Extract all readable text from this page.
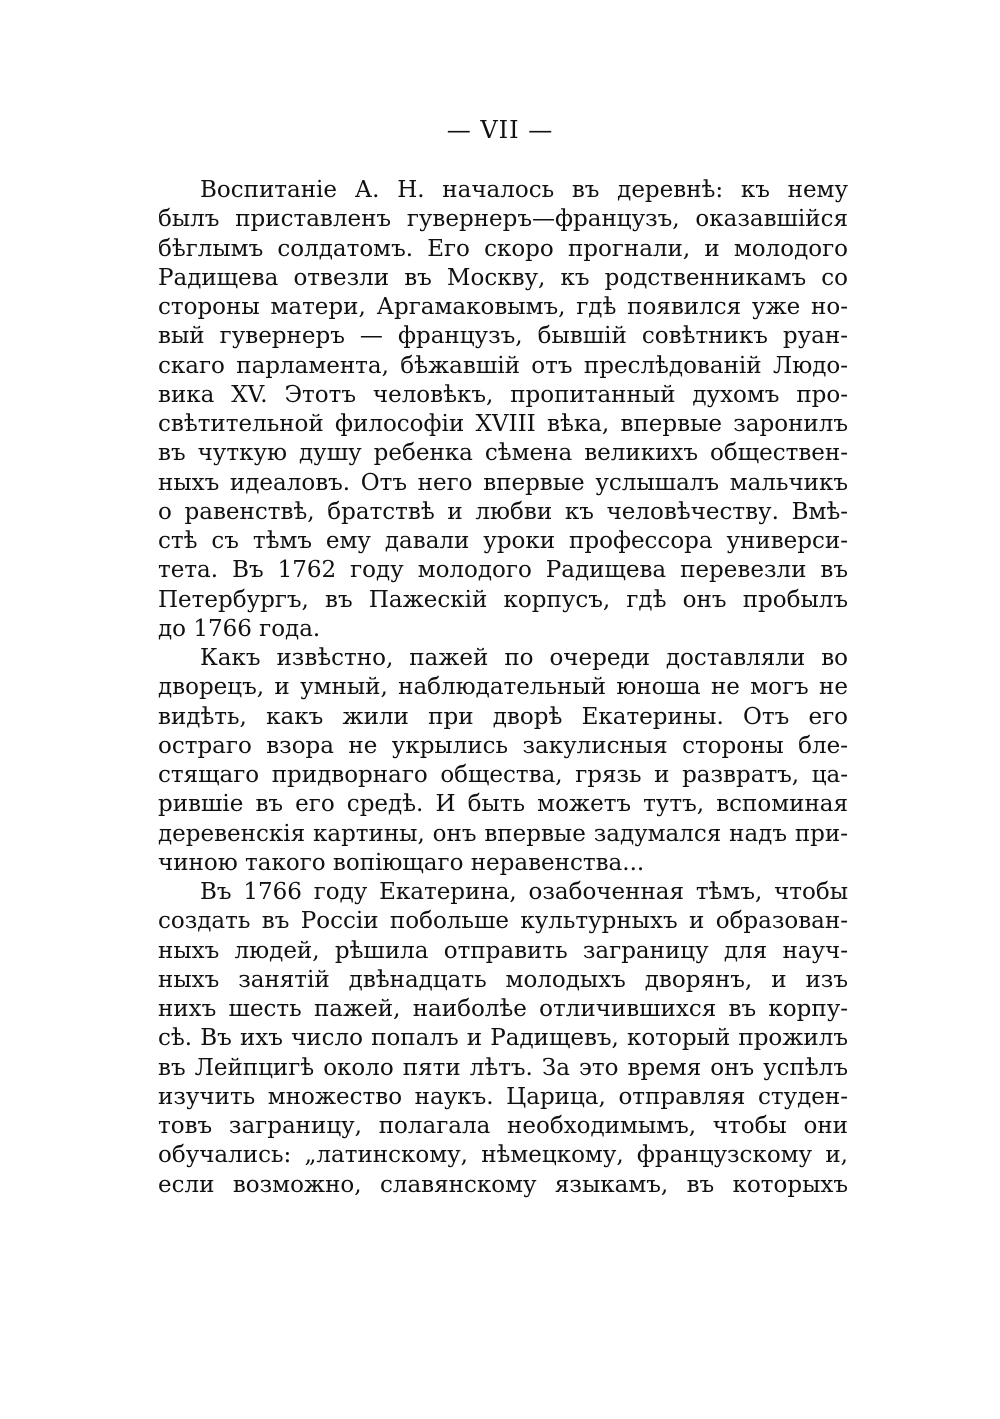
— VII —
Воспитаніе А. Н. началось въ деревнѣ: къ нему
былъ приставленъ гувернеръ—французъ, оказавшійся
бѣглымъ солдатомъ. Его скоро прогнали, и молодого
Радищева отвезли въ Москву, къ родственникамъ со
стороны матери, Аргамаковымъ, гдѣ появился уже но-
вый гувернеръ — французъ, бывшій совѣтникъ руан-
скаго парламента, бѣжавшій отъ преслѣдованій Людо-
вика XV. Этотъ человѣкъ, пропитанный духомъ про-
свѣтительной философіи XVIII вѣка, впервые заронилъ
въ чуткую душу ребенка сѣмена великихъ обществен-
ныхъ идеаловъ. Отъ него впервые услышалъ мальчикъ
о равенствѣ, братствѣ и любви къ человѣчеству. Вмѣ-
стѣ съ тѣмъ ему давали уроки профессора универси-
тета. Въ 1762 году молодого Радищева перевезли въ
Петербургъ, въ Пажескій корпусъ, гдѣ онъ пробылъ
до 1766 года.
Какъ извѣстно, пажей по очереди доставляли во
дворецъ, и умный, наблюдательный юноша не могъ не
видѣть, какъ жили при дворѣ Екатерины. Отъ его
остраго взора не укрылись закулисныя стороны бле-
стящаго придворнаго общества, грязь и развратъ, ца-
рившіе въ его средѣ. И быть можетъ тутъ, вспоминая
деревенскія картины, онъ впервые задумался надъ при-
чиною такого вопіющаго неравенства...
Въ 1766 году Екатерина, озабоченная тѣмъ, чтобы
создать въ Россіи побольше культурныхъ и образован-
ныхъ людей, рѣшила отправить заграницу для науч-
ныхъ занятій двѣнадцать молодыхъ дворянъ, и изъ
нихъ шесть пажей, наиболѣе отличившихся въ корпу-
сѣ. Въ ихъ число попалъ и Радищевъ, который прожилъ
въ Лейпцигѣ около пяти лѣтъ. За это время онъ успѣлъ
изучить множество наукъ. Царица, отправляя студен-
товъ заграницу, полагала необходимымъ, чтобы они
обучались: „латинскому, нѣмецкому, французскому и,
если возможно, славянскому языкамъ, въ которыхъ
